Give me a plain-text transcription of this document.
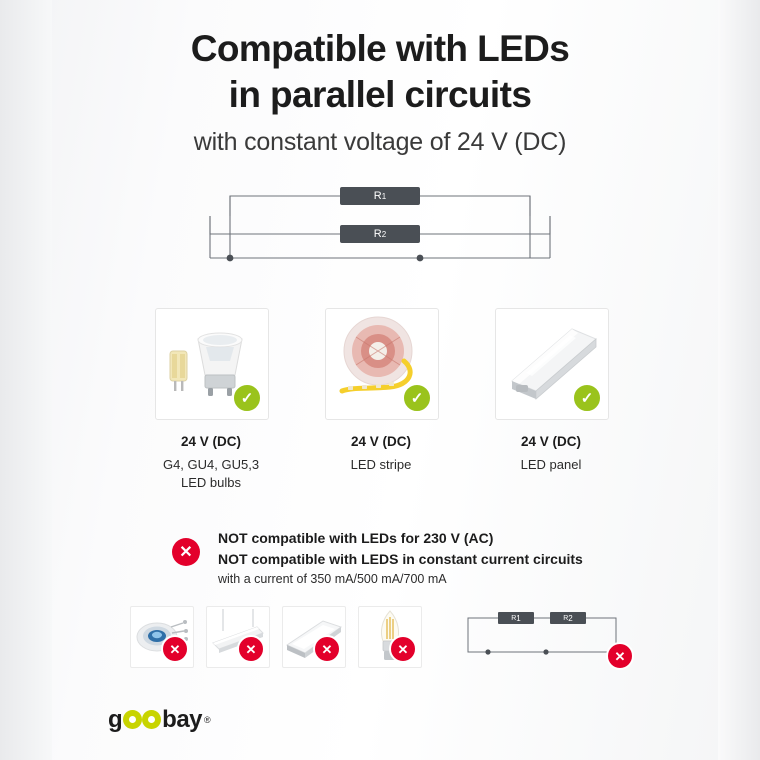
Compatible with LEDs
in parallel circuits
with constant voltage of 24 V (DC)
R 1
R 2
✓	✓	✓
24 V (DC)
G4, GU4, GU5,3
LED bulbs
24 V (DC)
LED stripe
24 V (DC)
LED panel
✕
NOT compatible with LEDs for 230 V (AC)
NOT compatible with LEDS in constant current circuits
with a current of 350 mA/500 mA/700 mA
✕	✕	✕	✕
R 1	R 2
✕
g bay ®
